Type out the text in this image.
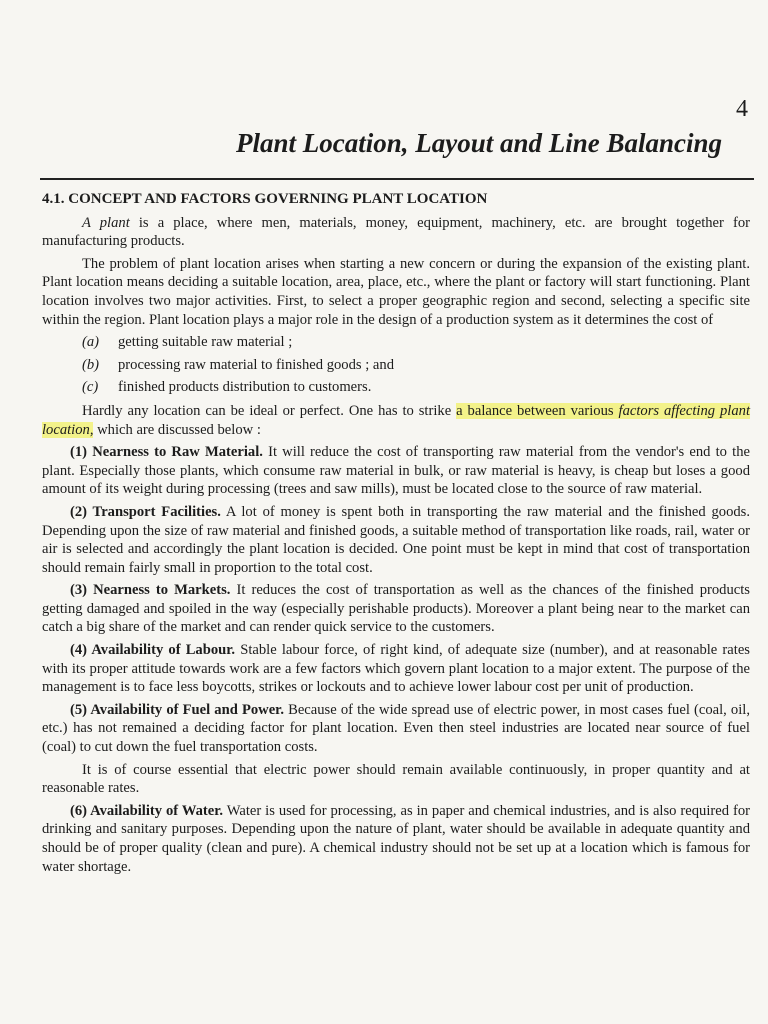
4
Plant Location, Layout and Line Balancing
4.1. CONCEPT AND FACTORS GOVERNING PLANT LOCATION

A plant is a place, where men, materials, money, equipment, machinery, etc. are brought together for manufacturing products.

The problem of plant location arises when starting a new concern or during the expansion of the existing plant. Plant location means deciding a suitable location, area, place, etc., where the plant or factory will start functioning. Plant location involves two major activities. First, to select a proper geographic region and second, selecting a specific site within the region. Plant location plays a major role in the design of a production system as it determines the cost of

(a) getting suitable raw material ;
(b) processing raw material to finished goods ; and
(c) finished products distribution to customers.

Hardly any location can be ideal or perfect. One has to strike a balance between various factors affecting plant location, which are discussed below :

(1) Nearness to Raw Material. It will reduce the cost of transporting raw material from the vendor's end to the plant. Especially those plants, which consume raw material in bulk, or raw material is heavy, is cheap but loses a good amount of its weight during processing (trees and saw mills), must be located close to the source of raw material.

(2) Transport Facilities. A lot of money is spent both in transporting the raw material and the finished goods. Depending upon the size of raw material and finished goods, a suitable method of transportation like roads, rail, water or air is selected and accordingly the plant location is decided. One point must be kept in mind that cost of transportation should remain fairly small in proportion to the total cost.

(3) Nearness to Markets. It reduces the cost of transportation as well as the chances of the finished products getting damaged and spoiled in the way (especially perishable products). Moreover a plant being near to the market can catch a big share of the market and can render quick service to the customers.

(4) Availability of Labour. Stable labour force, of right kind, of adequate size (number), and at reasonable rates with its proper attitude towards work are a few factors which govern plant location to a major extent. The purpose of the management is to face less boycotts, strikes or lockouts and to achieve lower labour cost per unit of production.

(5) Availability of Fuel and Power. Because of the wide spread use of electric power, in most cases fuel (coal, oil, etc.) has not remained a deciding factor for plant location. Even then steel industries are located near source of fuel (coal) to cut down the fuel transportation costs.

It is of course essential that electric power should remain available continuously, in proper quantity and at reasonable rates.

(6) Availability of Water. Water is used for processing, as in paper and chemical industries, and is also required for drinking and sanitary purposes. Depending upon the nature of plant, water should be available in adequate quantity and should be of proper quality (clean and pure). A chemical industry should not be set up at a location which is famous for water shortage.
